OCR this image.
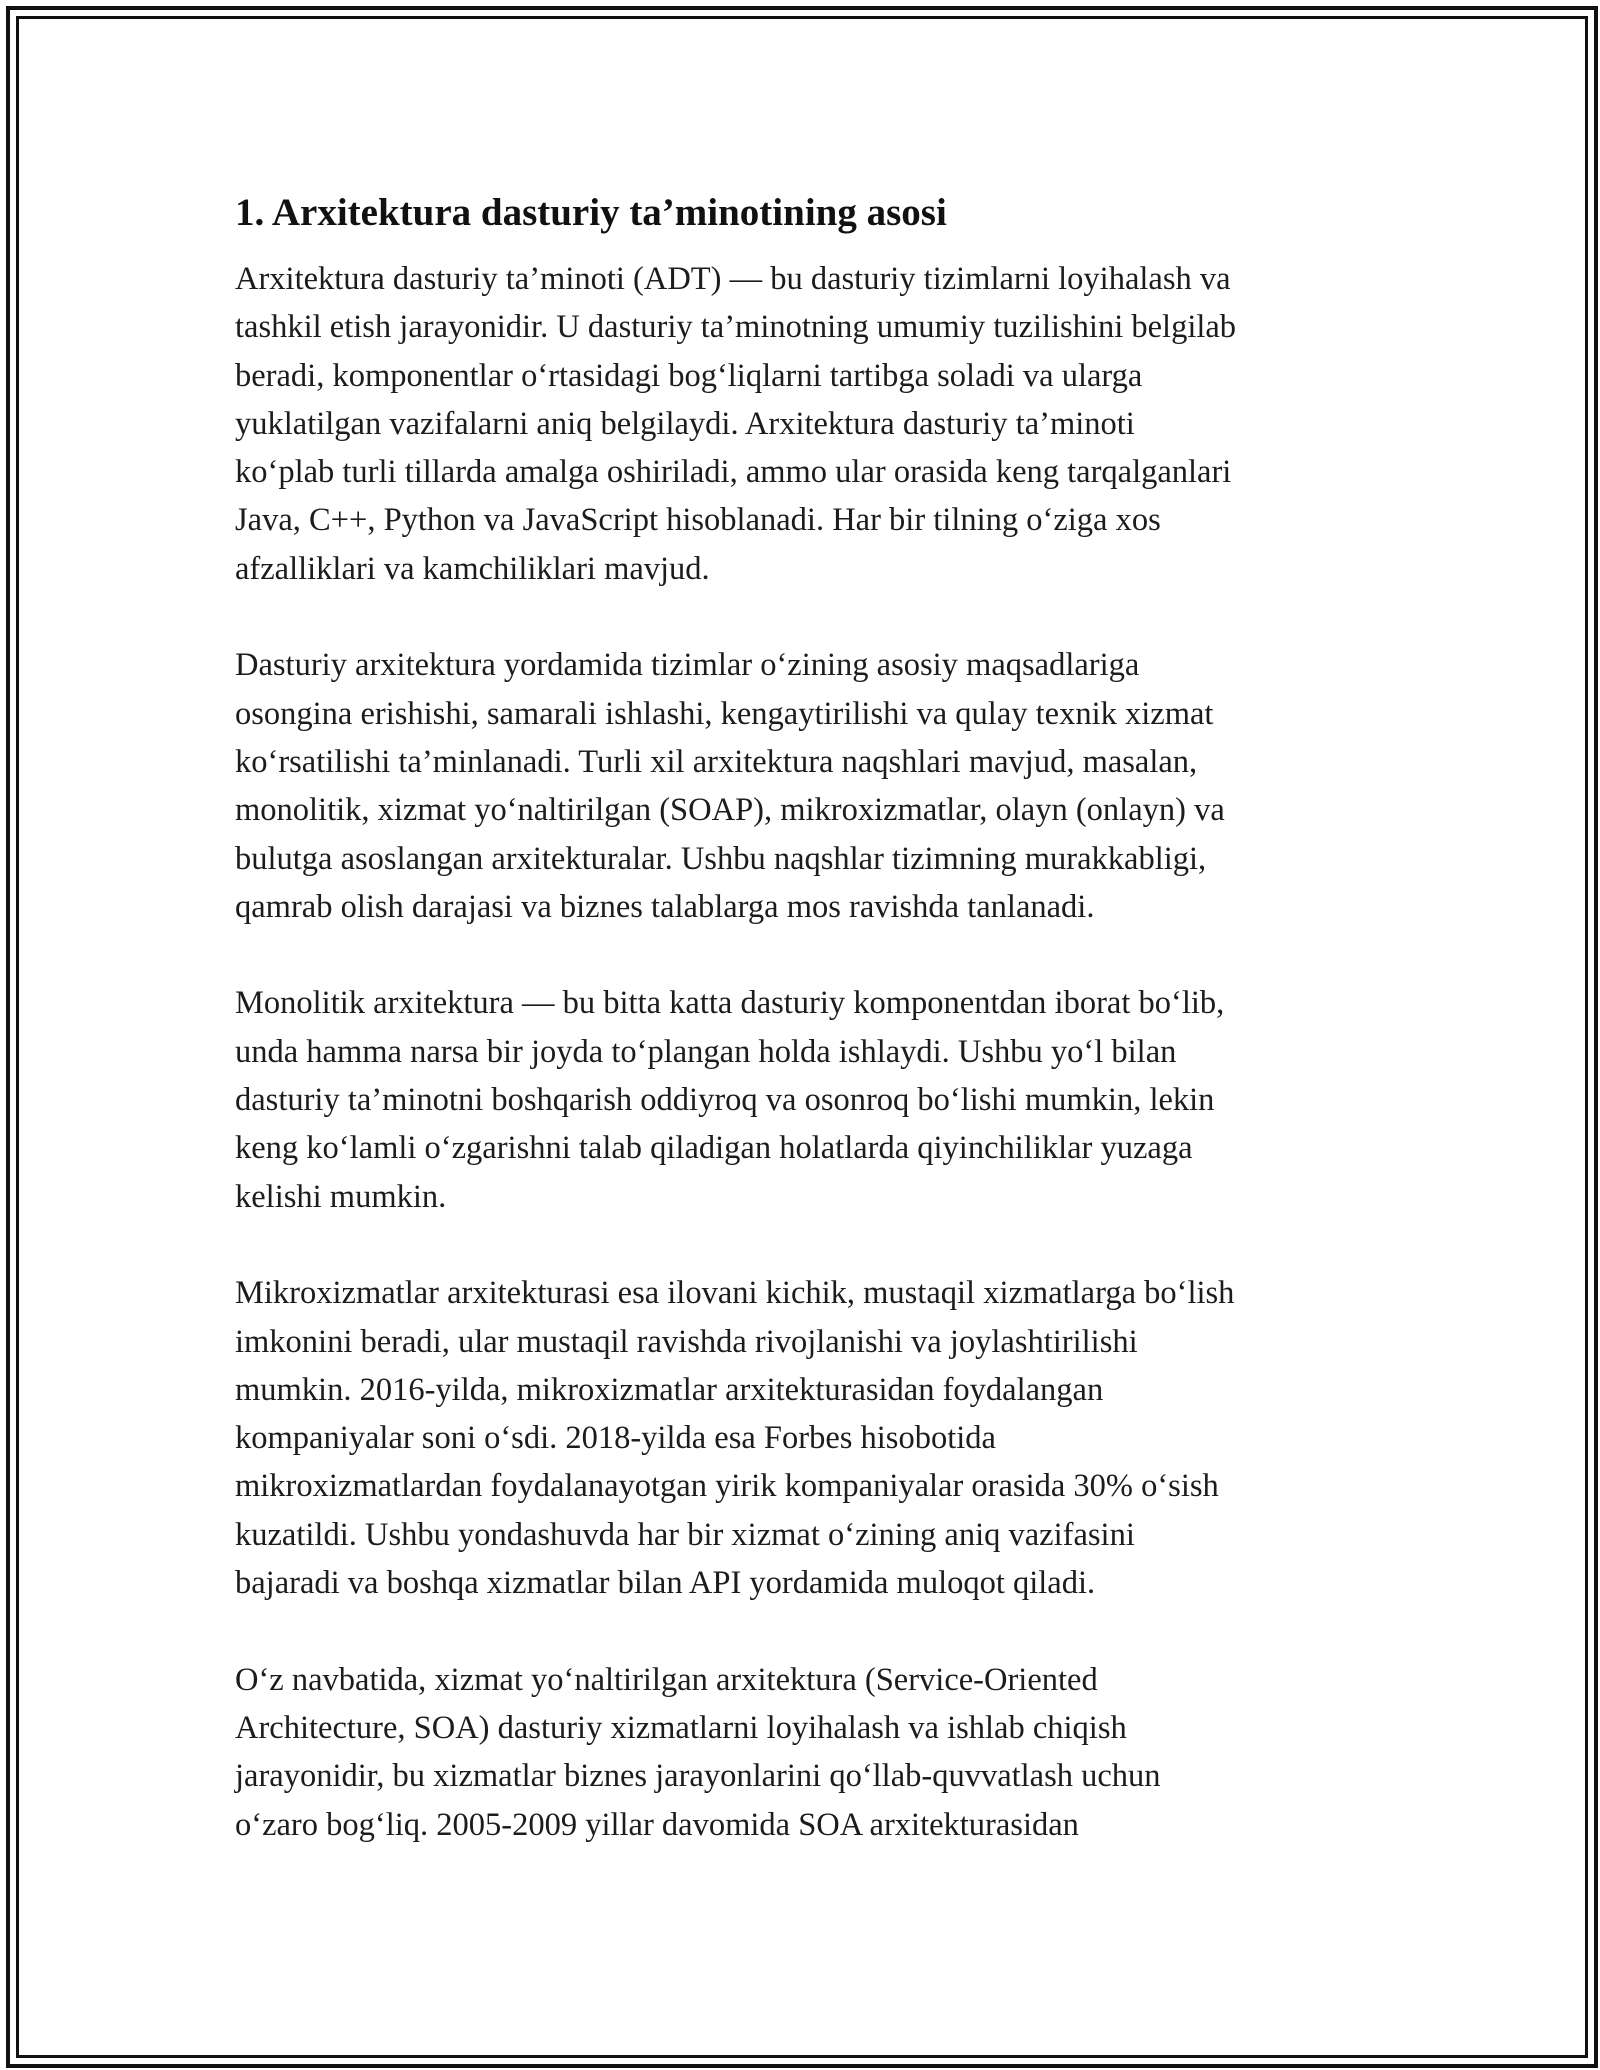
1. Arxitektura dasturiy ta’minotining asosi

Arxitektura dasturiy ta’minoti (ADT) — bu dasturiy tizimlarni loyihalash va
tashkil etish jarayonidir. U dasturiy ta’minotning umumiy tuzilishini belgilab
beradi, komponentlar o‘rtasidagi bog‘liqlarni tartibga soladi va ularga
yuklatilgan vazifalarni aniq belgilaydi. Arxitektura dasturiy ta’minoti
ko‘plab turli tillarda amalga oshiriladi, ammo ular orasida keng tarqalganlari
Java, C++, Python va JavaScript hisoblanadi. Har bir tilning o‘ziga xos
afzalliklari va kamchiliklari mavjud.

Dasturiy arxitektura yordamida tizimlar o‘zining asosiy maqsadlariga
osongina erishishi, samarali ishlashi, kengaytirilishi va qulay texnik xizmat
ko‘rsatilishi ta’minlanadi. Turli xil arxitektura naqshlari mavjud, masalan,
monolitik, xizmat yo‘naltirilgan (SOAP), mikroxizmatlar, olayn (onlayn) va
bulutga asoslangan arxitekturalar. Ushbu naqshlar tizimning murakkabligi,
qamrab olish darajasi va biznes talablarga mos ravishda tanlanadi.

Monolitik arxitektura — bu bitta katta dasturiy komponentdan iborat bo‘lib,
unda hamma narsa bir joyda to‘plangan holda ishlaydi. Ushbu yo‘l bilan
dasturiy ta’minotni boshqarish oddiyroq va osonroq bo‘lishi mumkin, lekin
keng ko‘lamli o‘zgarishni talab qiladigan holatlarda qiyinchiliklar yuzaga
kelishi mumkin.

Mikroxizmatlar arxitekturasi esa ilovani kichik, mustaqil xizmatlarga bo‘lish
imkonini beradi, ular mustaqil ravishda rivojlanishi va joylashtirilishi
mumkin. 2016-yilda, mikroxizmatlar arxitekturasidan foydalangan
kompaniyalar soni o‘sdi. 2018-yilda esa Forbes hisobotida
mikroxizmatlardan foydalanayotgan yirik kompaniyalar orasida 30% o‘sish
kuzatildi. Ushbu yondashuvda har bir xizmat o‘zining aniq vazifasini
bajaradi va boshqa xizmatlar bilan API yordamida muloqot qiladi.

O‘z navbatida, xizmat yo‘naltirilgan arxitektura (Service-Oriented
Architecture, SOA) dasturiy xizmatlarni loyihalash va ishlab chiqish
jarayonidir, bu xizmatlar biznes jarayonlarini qo‘llab-quvvatlash uchun
o‘zaro bog‘liq. 2005-2009 yillar davomida SOA arxitekturasidan
